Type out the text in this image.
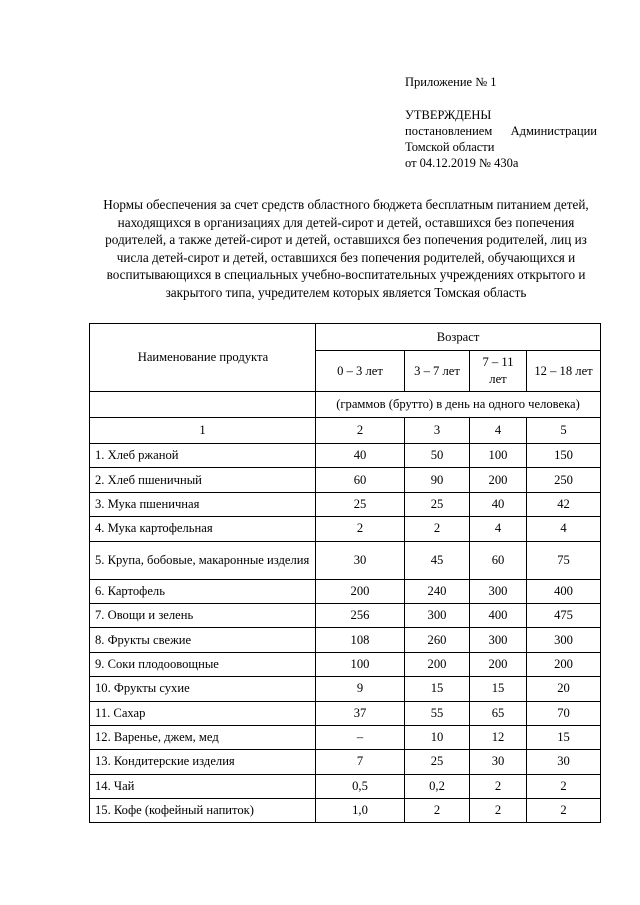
Приложение № 1
УТВЕРЖДЕНЫ
постановлением Администрации
Томской области
от 04.12.2019 № 430а
Нормы обеспечения за счет средств областного бюджета бесплатным питанием детей, находящихся в организациях для детей-сирот и детей, оставшихся без попечения родителей, а также детей-сирот и детей, оставшихся без попечения родителей, лиц из числа детей-сирот и детей, оставшихся без попечения родителей, обучающихся и воспитывающихся в специальных учебно-воспитательных учреждениях открытого и закрытого типа, учредителем которых является Томская область
Наименование продукта	Возраст			
	0 – 3 лет	3 – 7 лет	7 – 11 лет	12 – 18 лет
	(граммов (брутто) в день на одного человека)			
1	2	3	4	5
1. Хлеб ржаной	40	50	100	150
2. Хлеб пшеничный	60	90	200	250
3. Мука пшеничная	25	25	40	42
4. Мука картофельная	2	2	4	4
5. Крупа, бобовые, макаронные изделия	30	45	60	75
6. Картофель	200	240	300	400
7. Овощи и зелень	256	300	400	475
8. Фрукты свежие	108	260	300	300
9. Соки плодоовощные	100	200	200	200
10. Фрукты сухие	9	15	15	20
11. Сахар	37	55	65	70
12. Варенье, джем, мед	–	10	12	15
13. Кондитерские изделия	7	25	30	30
14. Чай	0,5	0,2	2	2
15. Кофе (кофейный напиток)	1,0	2	2	2
